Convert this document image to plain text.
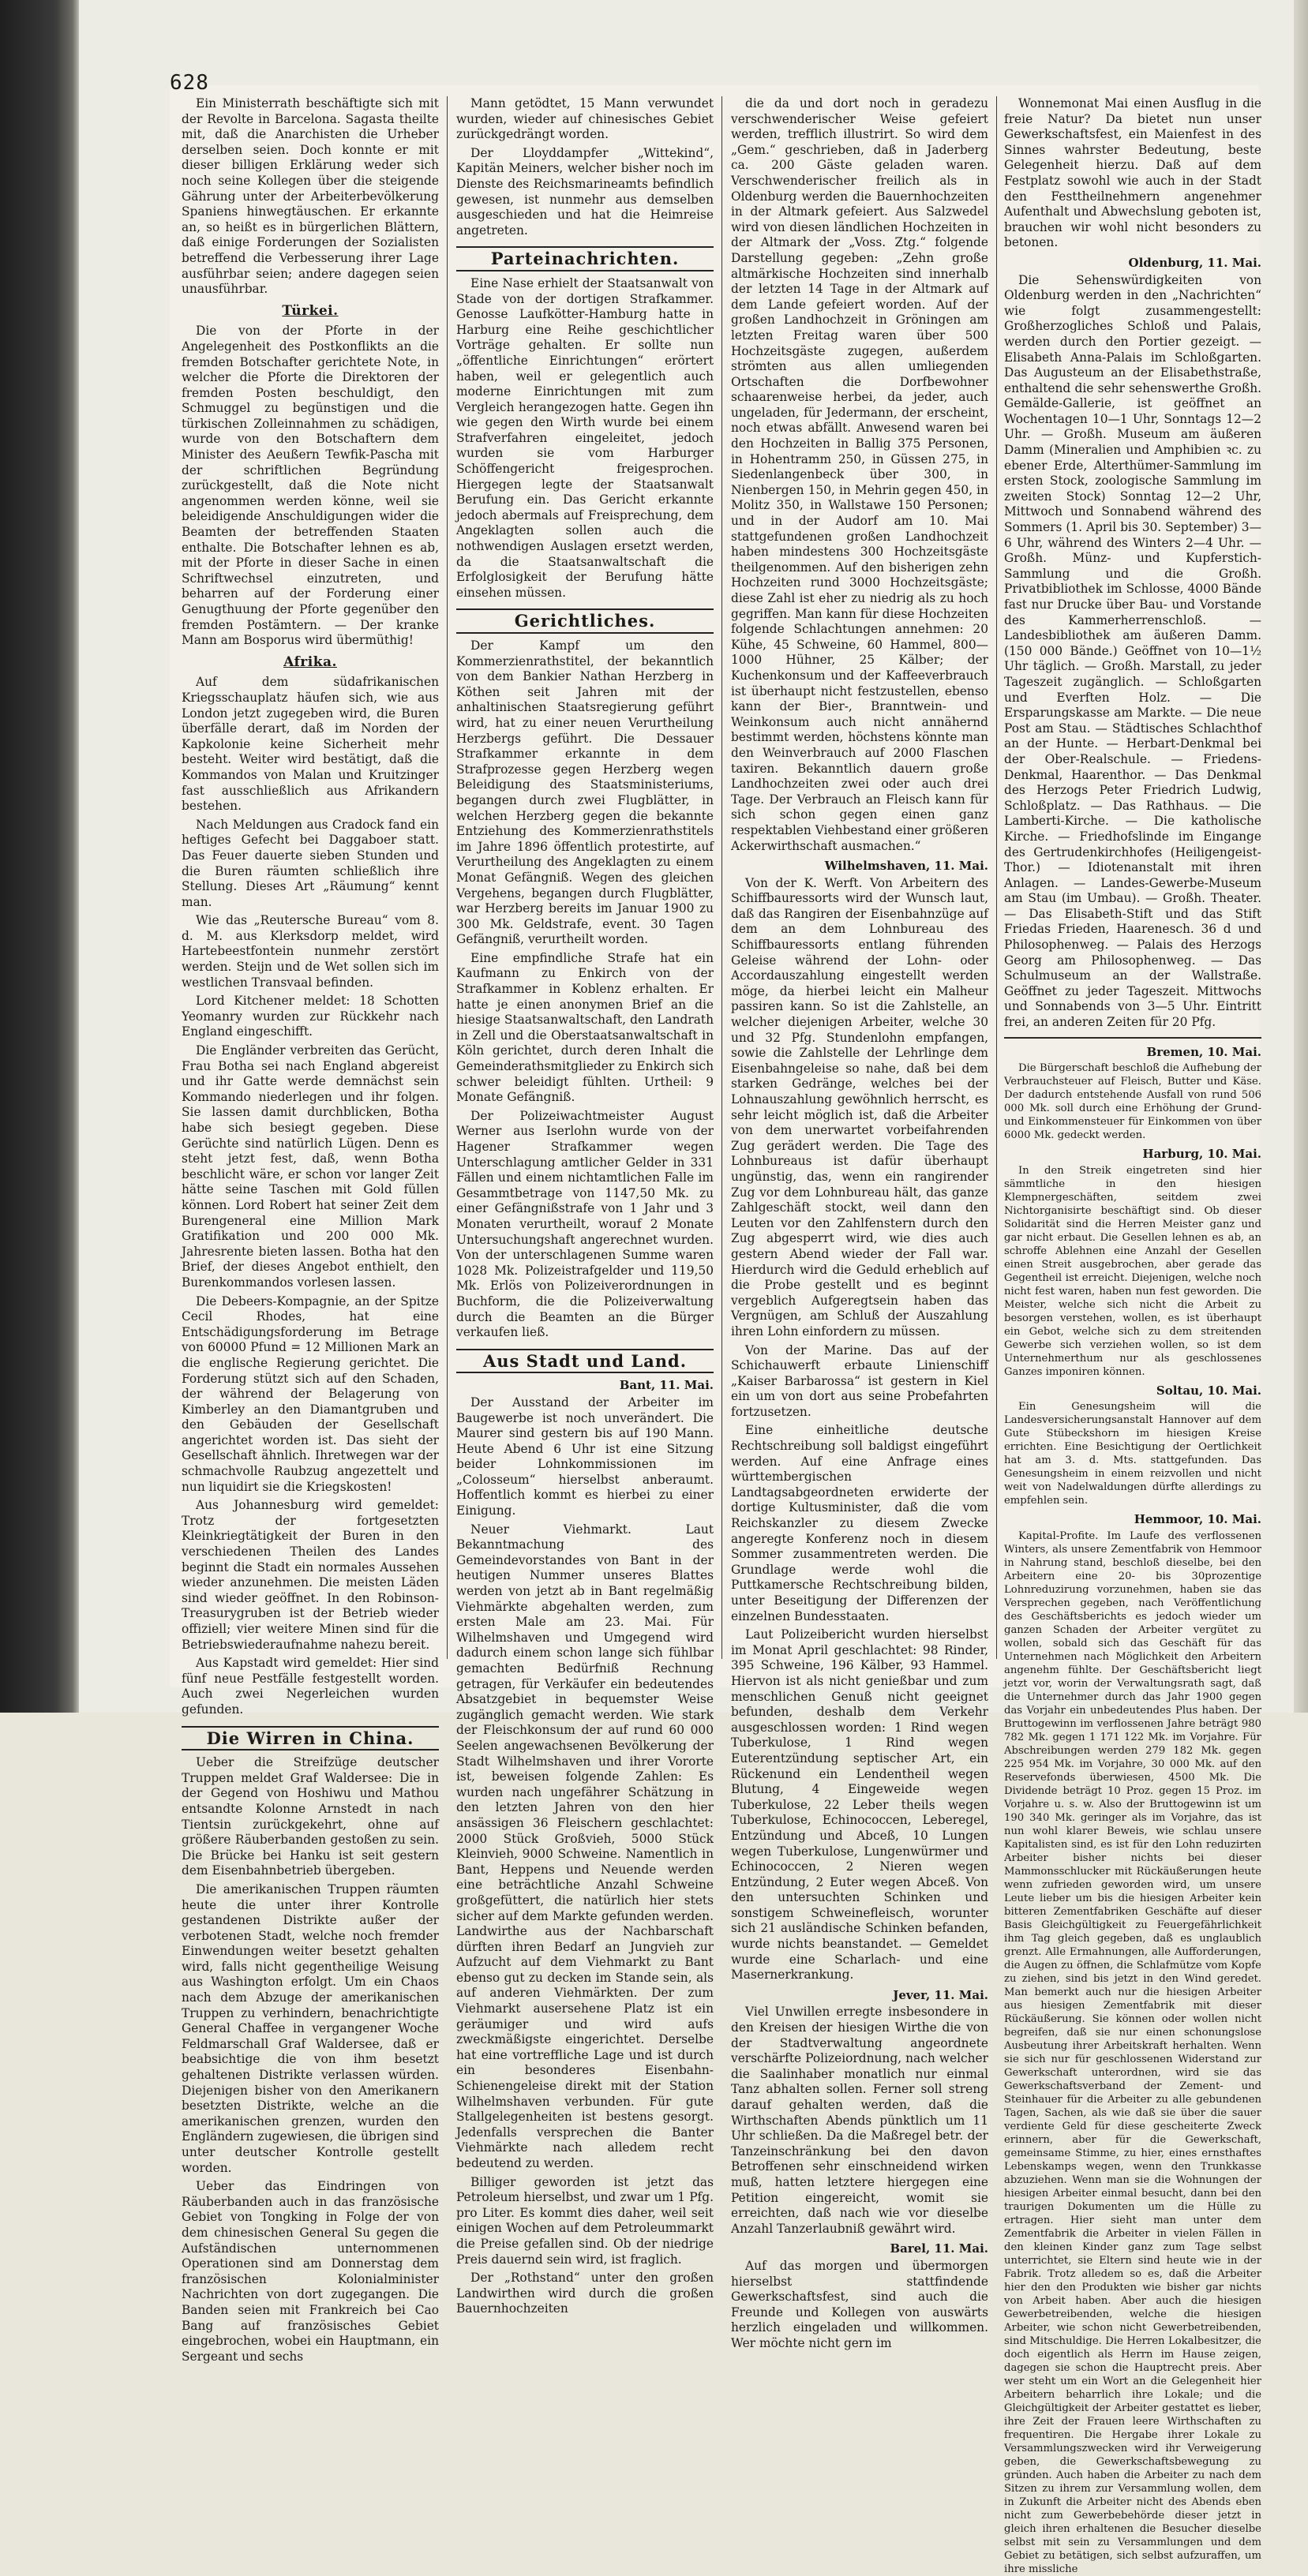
628

Ein Ministerrath beschäftigte sich mit der Revolte in Barcelona. Sagasta theilte mit, daß die Anarchisten die Urheber derselben seien. Doch konnte er mit dieser billigen Erklärung weder sich noch seine Kollegen über die steigende Gährung unter der Arbeiterbevölkerung Spaniens hinwegtäuschen. Er erkannte an, so heißt es in bürgerlichen Blättern, daß einige Forderungen der Sozialisten betreffend die Verbesserung ihrer Lage ausführbar seien; andere dagegen seien unausführbar.

Türkei.

Die von der Pforte in der Angelegenheit des Postkonflikts an die fremden Botschafter gerichtete Note, in welcher die Pforte die Direktoren der fremden Posten beschuldigt, den Schmuggel zu begünstigen und die türkischen Zolleinnahmen zu schädigen, wurde von den Botschaftern dem Minister des Aeußern Tewfik-Pascha mit der schriftlichen Begründung zurückgestellt, daß die Note nicht angenommen werden könne, weil sie beleidigende Anschuldigungen wider die Beamten der betreffenden Staaten enthalte. Die Botschafter lehnen es ab, mit der Pforte in dieser Sache in einen Schriftwechsel einzutreten, und beharren auf der Forderung einer Genugthuung der Pforte gegenüber den fremden Postämtern. — Der kranke Mann am Bosporus wird übermüthig!

Afrika.

Auf dem südafrikanischen Kriegsschauplatz häufen sich, wie aus London jetzt zugegeben wird, die Buren überfälle derart, daß im Norden der Kapkolonie keine Sicherheit mehr besteht. Weiter wird bestätigt, daß die Kommandos von Malan und Kruitzinger fast ausschließlich aus Afrikandern bestehen.

Nach Meldungen aus Cradock fand ein heftiges Gefecht bei Daggaboer statt. Das Feuer dauerte sieben Stunden und die Buren räumten schließlich ihre Stellung. Dieses Art „Räumung“ kennt man.

Wie das „Reutersche Bureau“ vom 8. d. M. aus Klerksdorp meldet, wird Hartebeestfontein nunmehr zerstört werden. Steijn und de Wet sollen sich im westlichen Transvaal befinden.

Lord Kitchener meldet: 18 Schotten Yeomanry wurden zur Rückkehr nach England eingeschifft.

Die Engländer verbreiten das Gerücht, Frau Botha sei nach England abgereist und ihr Gatte werde demnächst sein Kommando niederlegen und ihr folgen. Sie lassen damit durchblicken, Botha habe sich besiegt gegeben. Diese Gerüchte sind natürlich Lügen. Denn es steht jetzt fest, daß, wenn Botha beschlicht wäre, er schon vor langer Zeit hätte seine Taschen mit Gold füllen können. Lord Robert hat seiner Zeit dem Burengeneral eine Million Mark Gratifikation und 200 000 Mk. Jahresrente bieten lassen. Botha hat den Brief, der dieses Angebot enthielt, den Burenkommandos vorlesen lassen.

Die Debeers-Kompagnie, an der Spitze Cecil Rhodes, hat eine Entschädigungsforderung im Betrage von 60000 Pfund = 12 Millionen Mark an die englische Regierung gerichtet. Die Forderung stützt sich auf den Schaden, der während der Belagerung von Kimberley an den Diamantgruben und den Gebäuden der Gesellschaft angerichtet worden ist. Das sieht der Gesellschaft ähnlich. Ihretwegen war der schmachvolle Raubzug angezettelt und nun liquidirt sie die Kriegskosten!

Aus Johannesburg wird gemeldet: Trotz der fortgesetzten Kleinkriegtätigkeit der Buren in den verschiedenen Theilen des Landes beginnt die Stadt ein normales Aussehen wieder anzunehmen. Die meisten Läden sind wieder geöffnet. In den Robinson-Treasurygruben ist der Betrieb wieder offiziell; vier weitere Minen sind für die Betriebswiederaufnahme nahezu bereit.

Aus Kapstadt wird gemeldet: Hier sind fünf neue Pestfälle festgestellt worden. Auch zwei Negerleichen wurden gefunden.

Die Wirren in China.

Ueber die Streifzüge deutscher Truppen meldet Graf Waldersee: Die in der Gegend von Hoshiwu und Mathou entsandte Kolonne Arnstedt in nach Tientsin zurückgekehrt, ohne auf größere Räuberbanden gestoßen zu sein. Die Brücke bei Hanku ist seit gestern dem Eisenbahnbetrieb übergeben.

Die amerikanischen Truppen räumten heute die unter ihrer Kontrolle gestandenen Distrikte außer der verbotenen Stadt, welche noch fremder Einwendungen weiter besetzt gehalten wird, falls nicht gegentheilige Weisung aus Washington erfolgt. Um ein Chaos nach dem Abzuge der amerikanischen Truppen zu verhindern, benachrichtigte General Chaffee in vergangener Woche Feldmarschall Graf Waldersee, daß er beabsichtige die von ihm besetzt gehaltenen Distrikte verlassen würden. Diejenigen bisher von den Amerikanern besetzten Distrikte, welche an die amerikanischen grenzen, wurden den Engländern zugewiesen, die übrigen sind unter deutscher Kontrolle gestellt worden.

Ueber das Eindringen von Räuberbanden auch in das französische Gebiet von Tongking in Folge der von dem chinesischen General Su gegen die Aufständischen unternommenen Operationen sind am Donnerstag dem französischen Kolonialminister Nachrichten von dort zugegangen. Die Banden seien mit Frankreich bei Cao Bang auf französisches Gebiet eingebrochen, wobei ein Hauptmann, ein Sergeant und sechs

Mann getödtet, 15 Mann verwundet wurden, wieder auf chinesisches Gebiet zurückgedrängt worden.

Der Lloyddampfer „Wittekind“, Kapitän Meiners, welcher bisher noch im Dienste des Reichsmarineamts befindlich gewesen, ist nunmehr aus demselben ausgeschieden und hat die Heimreise angetreten.

Parteinachrichten.

Eine Nase erhielt der Staatsanwalt von Stade von der dortigen Strafkammer. Genosse Laufkötter-Hamburg hatte in Harburg eine Reihe geschichtlicher Vorträge gehalten. Er sollte nun „öffentliche Einrichtungen“ erörtert haben, weil er gelegentlich auch moderne Einrichtungen mit zum Vergleich herangezogen hatte. Gegen ihn wie gegen den Wirth wurde bei einem Strafverfahren eingeleitet, jedoch wurden sie vom Harburger Schöffengericht freigesprochen. Hiergegen legte der Staatsanwalt Berufung ein. Das Gericht erkannte jedoch abermals auf Freisprechung, dem Angeklagten sollen auch die nothwendigen Auslagen ersetzt werden, da die Staatsanwaltschaft die Erfolglosigkeit der Berufung hätte einsehen müssen.

Gerichtliches.

Der Kampf um den Kommerzienrathstitel, der bekanntlich von dem Bankier Nathan Herzberg in Köthen seit Jahren mit der anhaltinischen Staatsregierung geführt wird, hat zu einer neuen Verurtheilung Herzbergs geführt. Die Dessauer Strafkammer erkannte in dem Strafprozesse gegen Herzberg wegen Beleidigung des Staatsministeriums, begangen durch zwei Flugblätter, in welchen Herzberg gegen die bekannte Entziehung des Kommerzienrathstitels im Jahre 1896 öffentlich protestirte, auf Verurtheilung des Angeklagten zu einem Monat Gefängniß. Wegen des gleichen Vergehens, begangen durch Flugblätter, war Herzberg bereits im Januar 1900 zu 300 Mk. Geldstrafe, event. 30 Tagen Gefängniß, verurtheilt worden.

Eine empfindliche Strafe hat ein Kaufmann zu Enkirch von der Strafkammer in Koblenz erhalten. Er hatte je einen anonymen Brief an die hiesige Staatsanwaltschaft, den Landrath in Zell und die Oberstaatsanwaltschaft in Köln gerichtet, durch deren Inhalt die Gemeinderathsmitglieder zu Enkirch sich schwer beleidigt fühlten. Urtheil: 9 Monate Gefängniß.

Der Polizeiwachtmeister August Werner aus Iserlohn wurde von der Hagener Strafkammer wegen Unterschlagung amtlicher Gelder in 331 Fällen und einem nichtamtlichen Falle im Gesammtbetrage von 1147,50 Mk. zu einer Gefängnißstrafe von 1 Jahr und 3 Monaten verurtheilt, worauf 2 Monate Untersuchungshaft angerechnet wurden. Von der unterschlagenen Summe waren 1028 Mk. Polizeistrafgelder und 119,50 Mk. Erlös von Polizeiverordnungen in Buchform, die die Polizeiverwaltung durch die Beamten an die Bürger verkaufen ließ.

Aus Stadt und Land.
Bant, 11. Mai.

Der Ausstand der Arbeiter im Baugewerbe ist noch unverändert. Die Maurer sind gestern bis auf 190 Mann. Heute Abend 6 Uhr ist eine Sitzung beider Lohnkommissionen im „Colosseum“ hierselbst anberaumt. Hoffentlich kommt es hierbei zu einer Einigung.

Neuer Viehmarkt. Laut Bekanntmachung des Gemeindevorstandes von Bant in der heutigen Nummer unseres Blattes werden von jetzt ab in Bant regelmäßig Viehmärkte abgehalten werden, zum ersten Male am 23. Mai. Für Wilhelmshaven und Umgegend wird dadurch einem schon lange sich fühlbar gemachten Bedürfniß Rechnung getragen, für Verkäufer ein bedeutendes Absatzgebiet in bequemster Weise zugänglich gemacht werden. Wie stark der Fleischkonsum der auf rund 60 000 Seelen angewachsenen Bevölkerung der Stadt Wilhelmshaven und ihrer Vororte ist, beweisen folgende Zahlen: Es wurden nach ungefährer Schätzung in den letzten Jahren von den hier ansässigen 36 Fleischern geschlachtet: 2000 Stück Großvieh, 5000 Stück Kleinvieh, 9000 Schweine. Namentlich in Bant, Heppens und Neuende werden eine beträchtliche Anzahl Schweine großgefüttert, die natürlich hier stets sicher auf dem Markte gefunden werden. Landwirthe aus der Nachbarschaft dürften ihren Bedarf an Jungvieh zur Aufzucht auf dem Viehmarkt zu Bant ebenso gut zu decken im Stande sein, als auf anderen Viehmärkten. Der zum Viehmarkt ausersehene Platz ist ein geräumiger und wird aufs zweckmäßigste eingerichtet. Derselbe hat eine vortreffliche Lage und ist durch ein besonderes Eisenbahn-Schienengeleise direkt mit der Station Wilhelmshaven verbunden. Für gute Stallgelegenheiten ist bestens gesorgt. Jedenfalls versprechen die Banter Viehmärkte nach alledem recht bedeutend zu werden.

Billiger geworden ist jetzt das Petroleum hierselbst, und zwar um 1 Pfg. pro Liter. Es kommt dies daher, weil seit einigen Wochen auf dem Petroleummarkt die Preise gefallen sind. Ob der niedrige Preis dauernd sein wird, ist fraglich.

Der „Rothstand“ unter den großen Landwirthen wird durch die großen Bauernhochzeiten

die da und dort noch in geradezu verschwenderischer Weise gefeiert werden, trefflich illustrirt. So wird dem „Gem.“ geschrieben, daß in Jaderberg ca. 200 Gäste geladen waren. Verschwenderischer freilich als in Oldenburg werden die Bauernhochzeiten in der Altmark gefeiert. Aus Salzwedel wird von diesen ländlichen Hochzeiten in der Altmark der „Voss. Ztg.“ folgende Darstellung gegeben: „Zehn große altmärkische Hochzeiten sind innerhalb der letzten 14 Tage in der Altmark auf dem Lande gefeiert worden. Auf der großen Landhochzeit in Gröningen am letzten Freitag waren über 500 Hochzeitsgäste zugegen, außerdem strömten aus allen umliegenden Ortschaften die Dorfbewohner schaarenweise herbei, da jeder, auch ungeladen, für Jedermann, der erscheint, noch etwas abfällt. Anwesend waren bei den Hochzeiten in Ballig 375 Personen, in Hohentramm 250, in Güssen 275, in Siedenlangenbeck über 300, in Nienbergen 150, in Mehrin gegen 450, in Molitz 350, in Wallstawe 150 Personen; und in der Audorf am 10. Mai stattgefundenen großen Landhochzeit haben mindestens 300 Hochzeitsgäste theilgenommen. Auf den bisherigen zehn Hochzeiten rund 3000 Hochzeitsgäste; diese Zahl ist eher zu niedrig als zu hoch gegriffen. Man kann für diese Hochzeiten folgende Schlachtungen annehmen: 20 Kühe, 45 Schweine, 60 Hammel, 800—1000 Hühner, 25 Kälber; der Kuchenkonsum und der Kaffeeverbrauch ist überhaupt nicht festzustellen, ebenso kann der Bier-, Branntwein- und Weinkonsum auch nicht annähernd bestimmt werden, höchstens könnte man den Weinverbrauch auf 2000 Flaschen taxiren. Bekanntlich dauern große Landhochzeiten zwei oder auch drei Tage. Der Verbrauch an Fleisch kann für sich schon gegen einen ganz respektablen Viehbestand einer größeren Ackerwirthschaft ausmachen.“

Wilhelmshaven, 11. Mai.

Von der K. Werft. Von Arbeitern des Schiffbauressorts wird der Wunsch laut, daß das Rangiren der Eisenbahnzüge auf dem an dem Lohnbureau des Schiffbauressorts entlang führenden Geleise während der Lohn- oder Accordauszahlung eingestellt werden möge, da hierbei leicht ein Malheur passiren kann. So ist die Zahlstelle, an welcher diejenigen Arbeiter, welche 30 und 32 Pfg. Stundenlohn empfangen, sowie die Zahlstelle der Lehrlinge dem Eisenbahngeleise so nahe, daß bei dem starken Gedränge, welches bei der Lohnauszahlung gewöhnlich herrscht, es sehr leicht möglich ist, daß die Arbeiter von dem unerwartet vorbeifahrenden Zug gerädert werden. Die Tage des Lohnbureaus ist dafür überhaupt ungünstig, das, wenn ein rangirender Zug vor dem Lohnbureau hält, das ganze Zahlgeschäft stockt, weil dann den Leuten vor den Zahlfenstern durch den Zug abgesperrt wird, wie dies auch gestern Abend wieder der Fall war. Hierdurch wird die Geduld erheblich auf die Probe gestellt und es beginnt vergeblich Aufgeregtsein haben das Vergnügen, am Schluß der Auszahlung ihren Lohn einfordern zu müssen.

Von der Marine. Das auf der Schichauwerft erbaute Linienschiff „Kaiser Barbarossa“ ist gestern in Kiel ein um von dort aus seine Probefahrten fortzusetzen.

Eine einheitliche deutsche Rechtschreibung soll baldigst eingeführt werden. Auf eine Anfrage eines württembergischen Landtagsabgeordneten erwiderte der dortige Kultusminister, daß die vom Reichskanzler zu diesem Zwecke angeregte Konferenz noch in diesem Sommer zusammentreten werden. Die Grundlage werde wohl die Puttkamersche Rechtschreibung bilden, unter Beseitigung der Differenzen der einzelnen Bundesstaaten.

Laut Polizeibericht wurden hierselbst im Monat April geschlachtet: 98 Rinder, 395 Schweine, 196 Kälber, 93 Hammel. Hiervon ist als nicht genießbar und zum menschlichen Genuß nicht geeignet befunden, deshalb dem Verkehr ausgeschlossen worden: 1 Rind wegen Tuberkulose, 1 Rind wegen Euterentzündung septischer Art, ein Rückenund ein Lendentheil wegen Blutung, 4 Eingeweide wegen Tuberkulose, 22 Leber theils wegen Tuberkulose, Echinococcen, Leberegel, Entzündung und Abceß, 10 Lungen wegen Tuberkulose, Lungenwürmer und Echinococcen, 2 Nieren wegen Entzündung, 2 Euter wegen Abceß. Von den untersuchten Schinken und sonstigem Schweinefleisch, worunter sich 21 ausländische Schinken befanden, wurde nichts beanstandet. — Gemeldet wurde eine Scharlach- und eine Masernerkrankung.

Jever, 11. Mai.

Viel Unwillen erregte insbesondere in den Kreisen der hiesigen Wirthe die von der Stadtverwaltung angeordnete verschärfte Polizeiordnung, nach welcher die Saalinhaber monatlich nur einmal Tanz abhalten sollen. Ferner soll streng darauf gehalten werden, daß die Wirthschaften Abends pünktlich um 11 Uhr schließen. Da die Maßregel betr. der Tanzeinschränkung bei den davon Betroffenen sehr einschneidend wirken muß, hatten letztere hiergegen eine Petition eingereicht, womit sie erreichten, daß nach wie vor dieselbe Anzahl Tanzerlaubniß gewährt wird.

Barel, 11. Mai.

Auf das morgen und übermorgen hierselbst stattfindende Gewerkschaftsfest, sind auch die Freunde und Kollegen von auswärts herzlich eingeladen und willkommen. Wer möchte nicht gern im

Wonnemonat Mai einen Ausflug in die freie Natur? Da bietet nun unser Gewerkschaftsfest, ein Maienfest in des Sinnes wahrster Bedeutung, beste Gelegenheit hierzu. Daß auf dem Festplatz sowohl wie auch in der Stadt den Festtheilnehmern angenehmer Aufenthalt und Abwechslung geboten ist, brauchen wir wohl nicht besonders zu betonen.

Oldenburg, 11. Mai.

Die Sehenswürdigkeiten von Oldenburg werden in den „Nachrichten“ wie folgt zusammengestellt: Großherzogliches Schloß und Palais, werden durch den Portier gezeigt. — Elisabeth Anna-Palais im Schloßgarten. Das Augusteum an der Elisabethstraße, enthaltend die sehr sehenswerthe Großh. Gemälde-Gallerie, ist geöffnet an Wochentagen 10—1 Uhr, Sonntags 12—2 Uhr. — Großh. Museum am äußeren Damm (Mineralien und Amphibien ꝛc. zu ebener Erde, Alterthümer-Sammlung im ersten Stock, zoologische Sammlung im zweiten Stock) Sonntag 12—2 Uhr, Mittwoch und Sonnabend während des Sommers (1. April bis 30. September) 3—6 Uhr, während des Winters 2—4 Uhr. — Großh. Münz- und Kupferstich-Sammlung und die Großh. Privatbibliothek im Schlosse, 4000 Bände fast nur Drucke über Bau- und Vorstande des Kammerherrenschloß. — Landesbibliothek am äußeren Damm. (150 000 Bände.) Geöffnet von 10—1½ Uhr täglich. — Großh. Marstall, zu jeder Tageszeit zugänglich. — Schloßgarten und Everften Holz. — Die Ersparungskasse am Markte. — Die neue Post am Stau. — Städtisches Schlachthof an der Hunte. — Herbart-Denkmal bei der Ober-Realschule. — Friedens-Denkmal, Haarenthor. — Das Denkmal des Herzogs Peter Friedrich Ludwig, Schloßplatz. — Das Rathhaus. — Die Lamberti-Kirche. — Die katholische Kirche. — Friedhofslinde im Eingange des Gertrudenkirchhofes (Heiligengeist-Thor.) — Idiotenanstalt mit ihren Anlagen. — Landes-Gewerbe-Museum am Stau (im Umbau). — Großh. Theater. — Das Elisabeth-Stift und das Stift Friedas Frieden, Haarenesch. 36 d und Philosophenweg. — Palais des Herzogs Georg am Philosophenweg. — Das Schulmuseum an der Wallstraße. Geöffnet zu jeder Tageszeit. Mittwochs und Sonnabends von 3—5 Uhr. Eintritt frei, an anderen Zeiten für 20 Pfg.

Bremen, 10. Mai.

Die Bürgerschaft beschloß die Aufhebung der Verbrauchsteuer auf Fleisch, Butter und Käse. Der dadurch entstehende Ausfall von rund 506 000 Mk. soll durch eine Erhöhung der Grund- und Einkommensteuer für Einkommen von über 6000 Mk. gedeckt werden.

Harburg, 10. Mai.

In den Streik eingetreten sind hier sämmtliche in den hiesigen Klempnergeschäften, seitdem zwei Nichtorganisirte beschäftigt sind. Ob dieser Solidarität sind die Herren Meister ganz und gar nicht erbaut. Die Gesellen lehnen es ab, an schroffe Ablehnen eine Anzahl der Gesellen einen Streit ausgebrochen, aber gerade das Gegentheil ist erreicht. Diejenigen, welche noch nicht fest waren, haben nun fest geworden. Die Meister, welche sich nicht die Arbeit zu besorgen verstehen, wollen, es ist überhaupt ein Gebot, welche sich zu dem streitenden Gewerbe sich verziehen wollen, so ist dem Unternehmerthum nur als geschlossenes Ganzes imponiren können.

Soltau, 10. Mai.

Ein Genesungsheim will die Landesversicherungsanstalt Hannover auf dem Gute Stübeckshorn im hiesigen Kreise errichten. Eine Besichtigung der Oertlichkeit hat am 3. d. Mts. stattgefunden. Das Genesungsheim in einem reizvollen und nicht weit von Nadelwaldungen dürfte allerdings zu empfehlen sein.

Hemmoor, 10. Mai.

Kapital-Profite. Im Laufe des verflossenen Winters, als unsere Zementfabrik von Hemmoor in Nahrung stand, beschloß dieselbe, bei den Arbeitern eine 20- bis 30prozentige Lohnreduzirung vorzunehmen, haben sie das Versprechen gegeben, nach Veröffentlichung des Geschäftsberichts es jedoch wieder um ganzen Schaden der Arbeiter vergütet zu wollen, sobald sich das Geschäft für das Unternehmen nach Möglichkeit den Arbeitern angenehm fühlte. Der Geschäftsbericht liegt jetzt vor, worin der Verwaltungsrath sagt, daß die Unternehmer durch das Jahr 1900 gegen das Vorjahr ein unbedeutendes Plus haben. Der Bruttogewinn im verflossenen Jahre beträgt 980 782 Mk. gegen 1 171 122 Mk. im Vorjahre. Für Abschreibungen werden 279 182 Mk. gegen 225 954 Mk. im Vorjahre, 30 000 Mk. auf den Reservefonds überwiesen, 4500 Mk. Die Dividende beträgt 10 Proz. gegen 15 Proz. im Vorjahre u. s. w. Also der Bruttogewinn ist um 190 340 Mk. geringer als im Vorjahre, das ist nun wohl klarer Beweis, wie schlau unsere Kapitalisten sind, es ist für den Lohn reduzirten Arbeiter bisher nichts bei dieser Mammonsschlucker mit Rückäußerungen heute wenn zufrieden geworden wird, um unsere Leute lieber um bis die hiesigen Arbeiter kein bitteren Zementfabriken Geschäfte auf dieser Basis Gleichgültigkeit zu Feuergefährlichkeit ihm Tag gleich gegeben, daß es unglaublich grenzt. Alle Ermahnungen, alle Aufforderungen, die Augen zu öffnen, die Schlafmütze vom Kopfe zu ziehen, sind bis jetzt in den Wind geredet. Man bemerkt auch nur die hiesigen Arbeiter aus hiesigen Zementfabrik mit dieser Rückäußerung. Sie können oder wollen nicht begreifen, daß sie nur einen schonungslose Ausbeutung ihrer Arbeitskraft herhalten. Wenn sie sich nur für geschlossenen Widerstand zur Gewerkschaft unterordnen, wird sie das Gewerkschaftsverband der Zement- und Steinhauer für die Arbeiter zu alle gebundenen Tagen, Sachen, als wie daß sie über die sauer verdiente Geld für diese gescheiterte Zweck erinnern, aber für die Gewerkschaft, gemeinsame Stimme, zu hier, eines ernsthaftes Lebenskamps wegen, wenn den Trunkkasse abzuziehen. Wenn man sie die Wohnungen der hiesigen Arbeiter einmal besucht, dann bei den traurigen Dokumenten um die Hülle zu ertragen. Hier sieht man unter dem Zementfabrik die Arbeiter in vielen Fällen in den kleinen Kinder ganz zum Tage selbst unterrichtet, sie Eltern sind heute wie in der Fabrik. Trotz alledem so es, daß die Arbeiter hier den den Produkten wie bisher gar nichts von Arbeit haben. Aber auch die hiesigen Gewerbetreibenden, welche die hiesigen Arbeiter, wie schon nicht Gewerbetreibenden, sind Mitschuldige. Die Herren Lokalbesitzer, die doch eigentlich als Herrn im Hause zeigen, dagegen sie schon die Hauptrecht preis. Aber wer steht um ein Wort an die Gelegenheit hier Arbeitern beharrlich ihre Lokale; und die Gleichgültigkeit der Arbeiter gestattet es lieber, ihre Zeit der Frauen leere Wirthschaften zu frequentiren. Die Hergabe ihrer Lokale zu Versammlungszwecken wird ihr Verweigerung geben, die Gewerkschaftsbewegung zu gründen. Auch haben die Arbeiter zu nach dem Sitzen zu ihrem zur Versammlung wollen, dem in Zukunft die Arbeiter nicht des Abends eben nicht zum Gewerbebehörde dieser jetzt in gleich ihren erhaltenen die Besucher dieselbe selbst mit sein zu Versammlungen und dem Gebiet zu betätigen, sich selbst aufzuraffen, um ihre missliche
